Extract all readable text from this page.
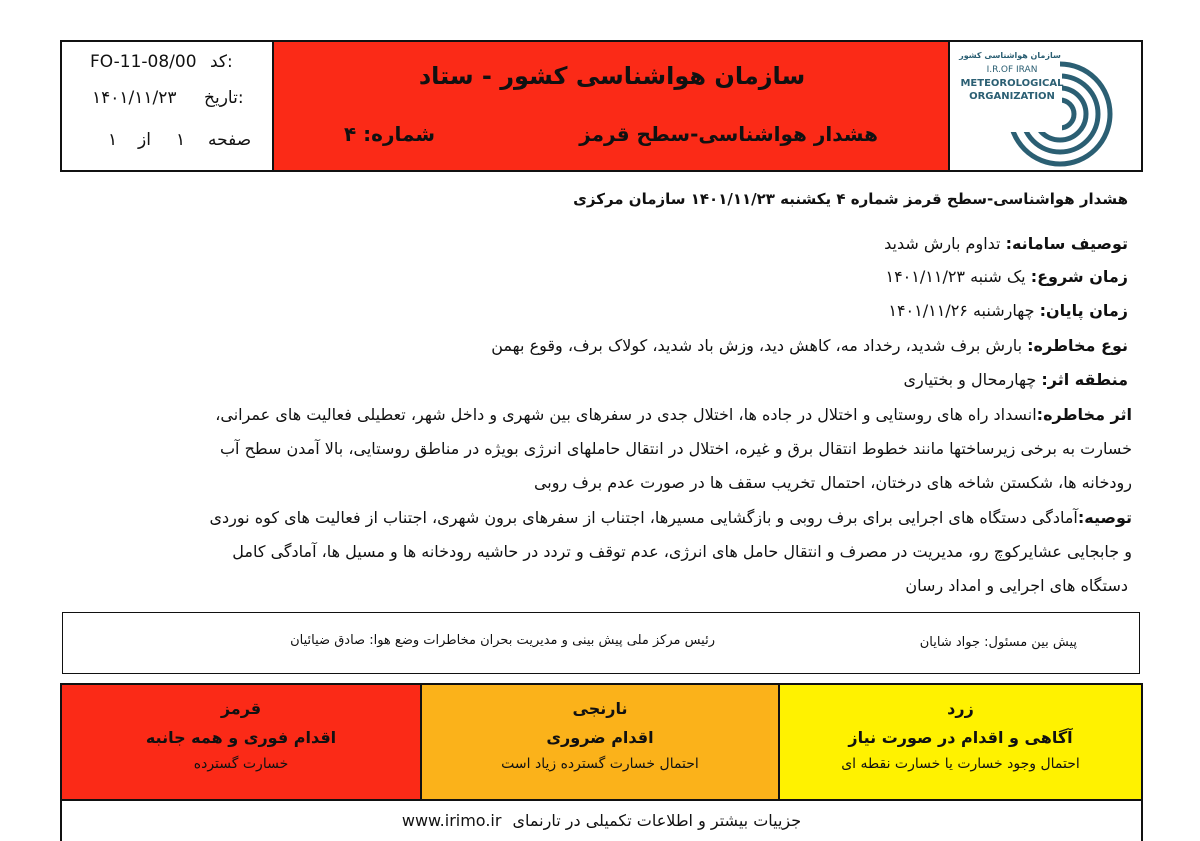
کد:
FO-11-08/00
تاریخ:
۱۴۰۱/۱۱/۲۳
صفحه
۱
از
۱
سازمان هواشناسی کشور - ستاد
هشدار هواشناسی-سطح قرمز
شماره: ۴
سازمان هواشناسی کشور
I.R.OF IRAN
METEOROLOGICAL
ORGANIZATION
هشدار هواشناسی-سطح قرمز شماره ۴ یکشنبه ۱۴۰۱/۱۱/۲۳ سازمان مرکزی
توصیف سامانه: تداوم بارش شدید
زمان شروع: یک شنبه ۱۴۰۱/۱۱/۲۳
زمان پایان: چهارشنبه ۱۴۰۱/۱۱/۲۶
نوع مخاطره: بارش برف شدید، رخداد مه، کاهش دید، وزش باد شدید، کولاک برف، وقوع بهمن
منطقه اثر: چهارمحال و بختیاری
اثر مخاطره:انسداد راه های روستایی و اختلال در جاده ها، اختلال جدی در سفرهای بین شهری و داخل شهر، تعطیلی فعالیت های عمرانی،
خسارت به برخی زیرساختها مانند خطوط انتقال برق و غیره، اختلال در انتقال حاملهای انرژی بویژه در مناطق روستایی، بالا آمدن سطح آب
رودخانه ها، شکستن شاخه های درختان، احتمال تخریب سقف ها در صورت عدم برف روبی
توصیه:آمادگی دستگاه های اجرایی برای برف روبی و بازگشایی مسیرها، اجتناب از سفرهای برون شهری، اجتناب از فعالیت های کوه نوردی
و جابجایی عشایرکوچ رو، مدیریت در مصرف و انتقال حامل های انرژی، عدم توقف و تردد در حاشیه رودخانه ها و مسیل ها، آمادگی کامل
دستگاه های اجرایی و امداد رسان
پیش بین مسئول: جواد شایان
رئیس مرکز ملی پیش بینی و مدیریت بحران مخاطرات وضع هوا: صادق ضیائیان
زرد
آگاهی و اقدام در صورت نیاز
احتمال وجود خسارت یا خسارت نقطه ای
نارنجی
اقدام ضروری
احتمال خسارت گسترده زیاد است
قرمز
اقدام فوری و همه جانبه
خسارت گسترده
www.irimo.ir جزییات بیشتر و اطلاعات تکمیلی در تارنمای
